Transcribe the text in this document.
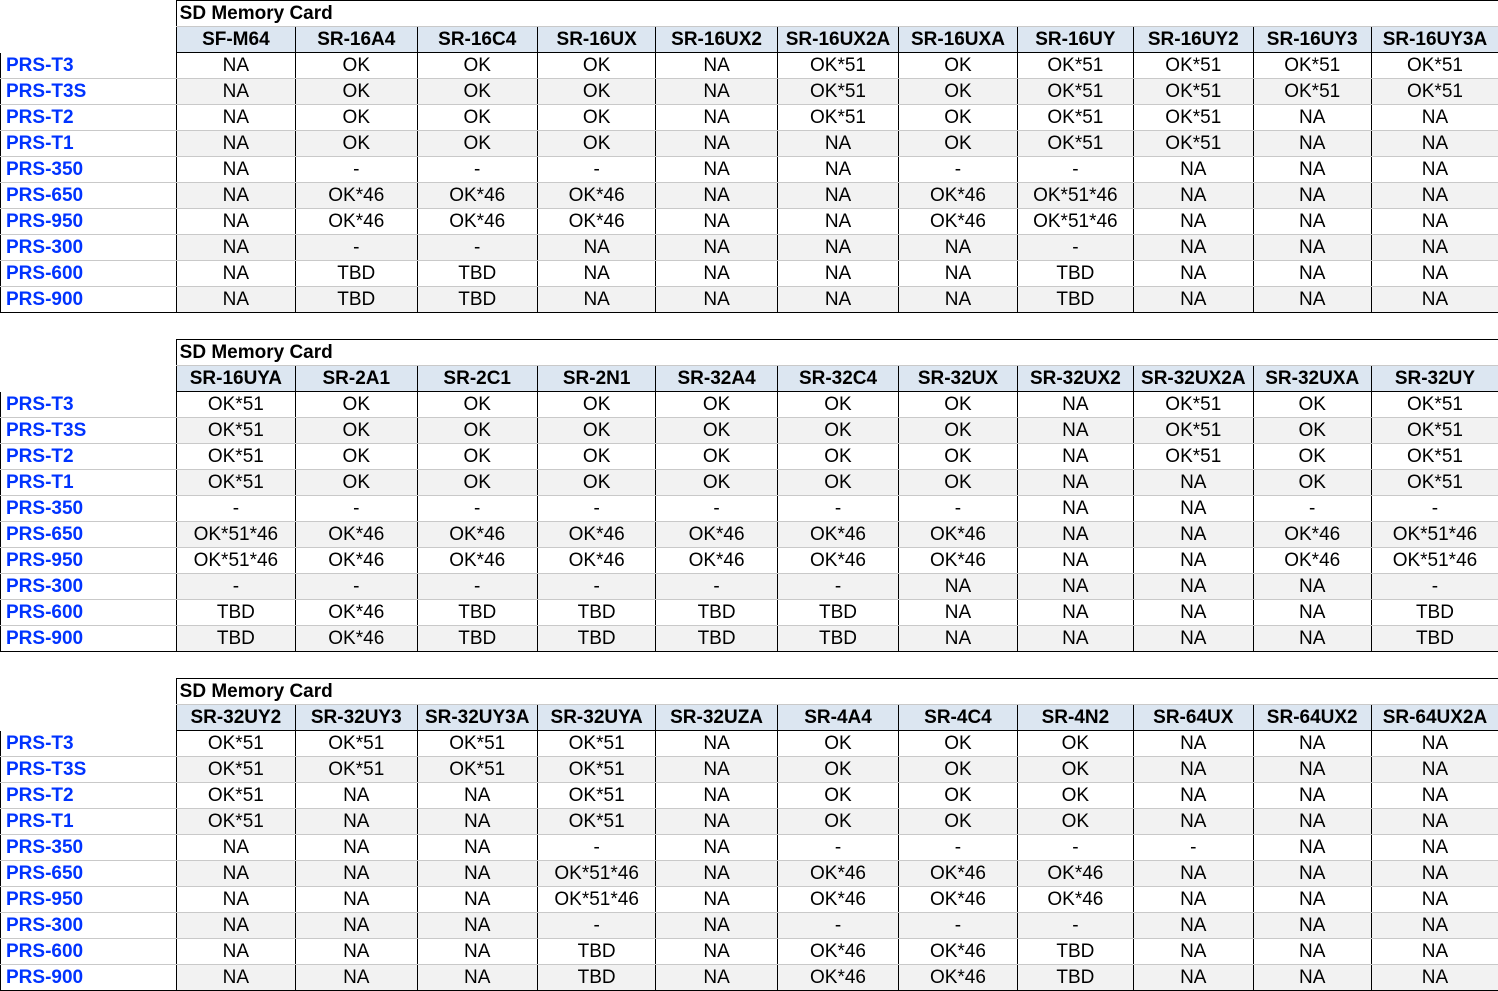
	SD Memory Card										
	SF-M64	SR-16A4	SR-16C4	SR-16UX	SR-16UX2	SR-16UX2A	SR-16UXA	SR-16UY	SR-16UY2	SR-16UY3	SR-16UY3A
PRS-T3	NA	OK	OK	OK	NA	OK*51	OK	OK*51	OK*51	OK*51	OK*51
PRS-T3S	NA	OK	OK	OK	NA	OK*51	OK	OK*51	OK*51	OK*51	OK*51
PRS-T2	NA	OK	OK	OK	NA	OK*51	OK	OK*51	OK*51	NA	NA
PRS-T1	NA	OK	OK	OK	NA	NA	OK	OK*51	OK*51	NA	NA
PRS-350	NA	-	-	-	NA	NA	-	-	NA	NA	NA
PRS-650	NA	OK*46	OK*46	OK*46	NA	NA	OK*46	OK*51*46	NA	NA	NA
PRS-950	NA	OK*46	OK*46	OK*46	NA	NA	OK*46	OK*51*46	NA	NA	NA
PRS-300	NA	-	-	NA	NA	NA	NA	-	NA	NA	NA
PRS-600	NA	TBD	TBD	NA	NA	NA	NA	TBD	NA	NA	NA
PRS-900	NA	TBD	TBD	NA	NA	NA	NA	TBD	NA	NA	NA
	SD Memory Card										
	SR-16UYA	SR-2A1	SR-2C1	SR-2N1	SR-32A4	SR-32C4	SR-32UX	SR-32UX2	SR-32UX2A	SR-32UXA	SR-32UY
PRS-T3	OK*51	OK	OK	OK	OK	OK	OK	NA	OK*51	OK	OK*51
PRS-T3S	OK*51	OK	OK	OK	OK	OK	OK	NA	OK*51	OK	OK*51
PRS-T2	OK*51	OK	OK	OK	OK	OK	OK	NA	OK*51	OK	OK*51
PRS-T1	OK*51	OK	OK	OK	OK	OK	OK	NA	NA	OK	OK*51
PRS-350	-	-	-	-	-	-	-	NA	NA	-	-
PRS-650	OK*51*46	OK*46	OK*46	OK*46	OK*46	OK*46	OK*46	NA	NA	OK*46	OK*51*46
PRS-950	OK*51*46	OK*46	OK*46	OK*46	OK*46	OK*46	OK*46	NA	NA	OK*46	OK*51*46
PRS-300	-	-	-	-	-	-	NA	NA	NA	NA	-
PRS-600	TBD	OK*46	TBD	TBD	TBD	TBD	NA	NA	NA	NA	TBD
PRS-900	TBD	OK*46	TBD	TBD	TBD	TBD	NA	NA	NA	NA	TBD
	SD Memory Card										
	SR-32UY2	SR-32UY3	SR-32UY3A	SR-32UYA	SR-32UZA	SR-4A4	SR-4C4	SR-4N2	SR-64UX	SR-64UX2	SR-64UX2A
PRS-T3	OK*51	OK*51	OK*51	OK*51	NA	OK	OK	OK	NA	NA	NA
PRS-T3S	OK*51	OK*51	OK*51	OK*51	NA	OK	OK	OK	NA	NA	NA
PRS-T2	OK*51	NA	NA	OK*51	NA	OK	OK	OK	NA	NA	NA
PRS-T1	OK*51	NA	NA	OK*51	NA	OK	OK	OK	NA	NA	NA
PRS-350	NA	NA	NA	-	NA	-	-	-	-	NA	NA
PRS-650	NA	NA	NA	OK*51*46	NA	OK*46	OK*46	OK*46	NA	NA	NA
PRS-950	NA	NA	NA	OK*51*46	NA	OK*46	OK*46	OK*46	NA	NA	NA
PRS-300	NA	NA	NA	-	NA	-	-	-	NA	NA	NA
PRS-600	NA	NA	NA	TBD	NA	OK*46	OK*46	TBD	NA	NA	NA
PRS-900	NA	NA	NA	TBD	NA	OK*46	OK*46	TBD	NA	NA	NA
